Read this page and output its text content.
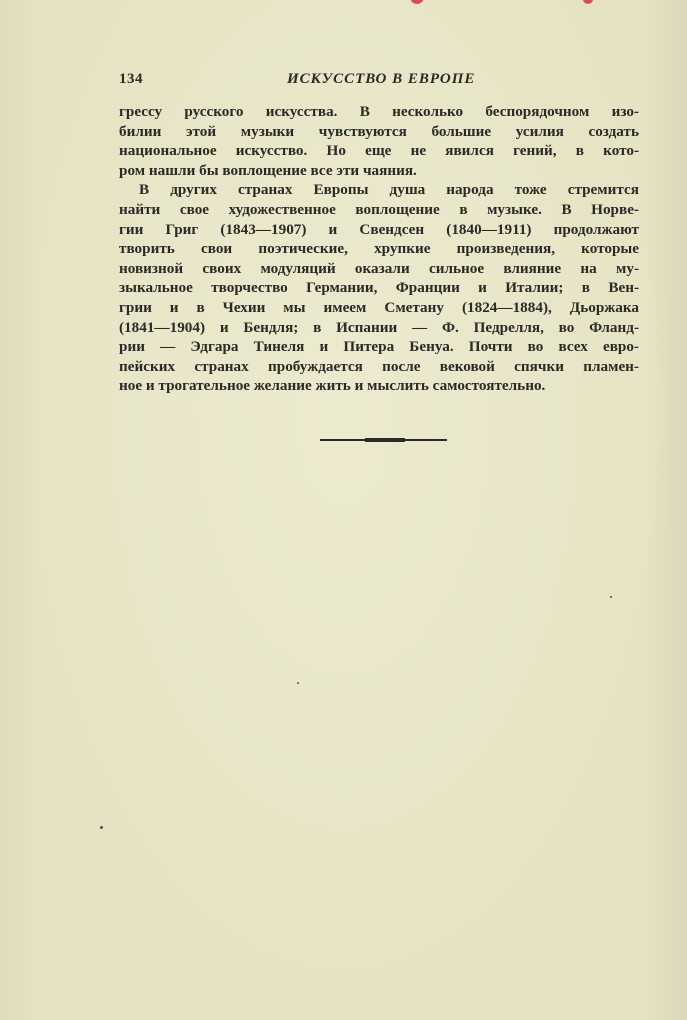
134	ИСКУССТВО В ЕВРОПЕ
грессу русского искусства. В несколько беспорядочном изо-
билии этой музыки чувствуются большие усилия создать
национальное искусство. Но еще не явился гений, в кото-
ром нашли бы воплощение все эти чаяния.
В других странах Европы душа народа тоже стремится
найти свое художественное воплощение в музыке. В Норве-
гии Григ (1843—1907) и Свендсен (1840—1911) продолжают
творить свои поэтические, хрупкие произведения, которые
новизной своих модуляций оказали сильное влияние на му-
зыкальное творчество Германии, Франции и Италии; в Вен-
грии и в Чехии мы имеем Сметану (1824—1884), Дьоржака
(1841—1904) и Бендля; в Испании — Ф. Педрелля, во Фланд-
рии — Эдгара Тинеля и Питера Бенуа. Почти во всех евро-
пейских странах пробуждается после вековой спячки пламен-
ное и трогательное желание жить и мыслить самостоятельно.
